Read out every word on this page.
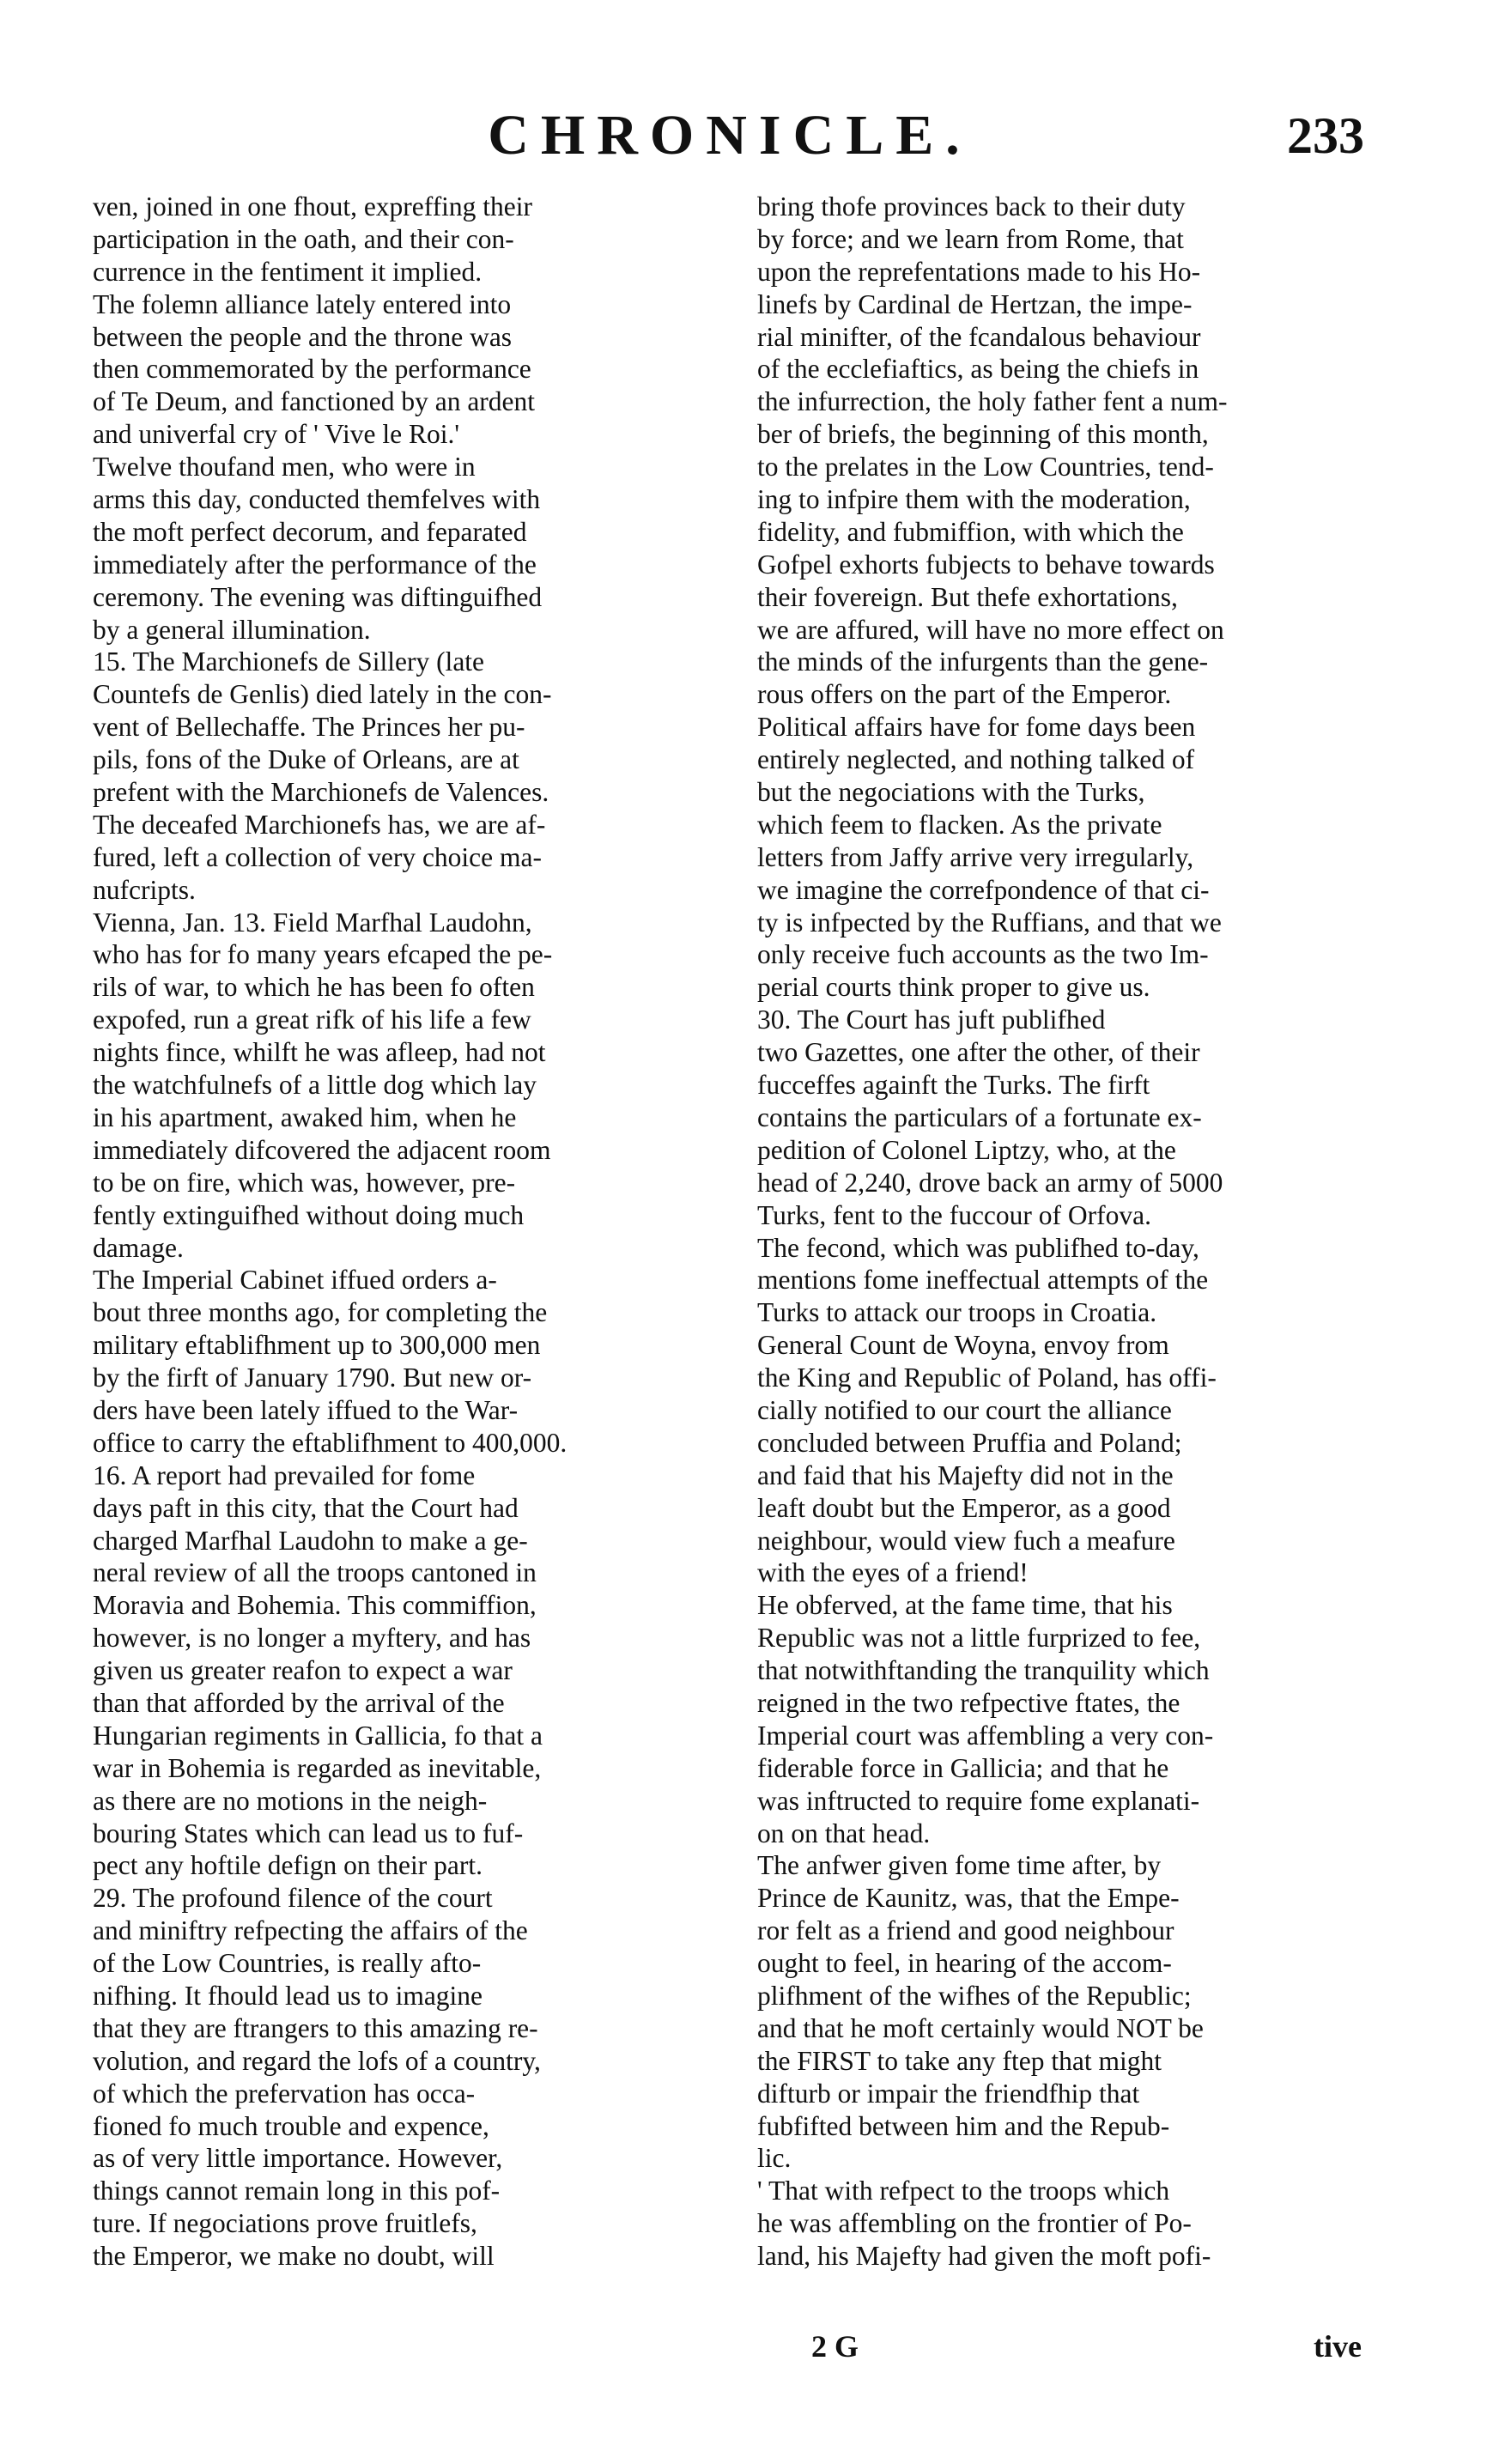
CHRONICLE.	233
ven, joined in one fhout, expreffing their
participation in the oath, and their con-
currence in the fentiment it implied.
The folemn alliance lately entered into
between the people and the throne was
then commemorated by the performance
of Te Deum, and fanctioned by an ardent
and univerfal cry of ' Vive le Roi.'
Twelve thoufand men, who were in
arms this day, conducted themfelves with
the moft perfect decorum, and feparated
immediately after the performance of the
ceremony. The evening was diftinguifhed
by a general illumination.
15. The Marchionefs de Sillery (late
Countefs de Genlis) died lately in the con-
vent of Bellechaffe. The Princes her pu-
pils, fons of the Duke of Orleans, are at
prefent with the Marchionefs de Valences.
The deceafed Marchionefs has, we are af-
fured, left a collection of very choice ma-
nufcripts.
Vienna, Jan. 13. Field Marfhal Laudohn,
who has for fo many years efcaped the pe-
rils of war, to which he has been fo often
expofed, run a great rifk of his life a few
nights fince, whilft he was afleep, had not
the watchfulnefs of a little dog which lay
in his apartment, awaked him, when he
immediately difcovered the adjacent room
to be on fire, which was, however, pre-
fently extinguifhed without doing much
damage.
The Imperial Cabinet iffued orders a-
bout three months ago, for completing the
military eftablifhment up to 300,000 men
by the firft of January 1790. But new or-
ders have been lately iffued to the War-
office to carry the eftablifhment to 400,000.
16. A report had prevailed for fome
days paft in this city, that the Court had
charged Marfhal Laudohn to make a ge-
neral review of all the troops cantoned in
Moravia and Bohemia. This commiffion,
however, is no longer a myftery, and has
given us greater reafon to expect a war
than that afforded by the arrival of the
Hungarian regiments in Gallicia, fo that a
war in Bohemia is regarded as inevitable,
as there are no motions in the neigh-
bouring States which can lead us to fuf-
pect any hoftile defign on their part.
29. The profound filence of the court
and miniftry refpecting the affairs of the
of the Low Countries, is really afto-
nifhing. It fhould lead us to imagine
that they are ftrangers to this amazing re-
volution, and regard the lofs of a country,
of which the prefervation has occa-
fioned fo much trouble and expence,
as of very little importance. However,
things cannot remain long in this pof-
ture. If negociations prove fruitlefs,
the Emperor, we make no doubt, will
bring thofe provinces back to their duty
by force; and we learn from Rome, that
upon the reprefentations made to his Ho-
linefs by Cardinal de Hertzan, the impe-
rial minifter, of the fcandalous behaviour
of the ecclefiaftics, as being the chiefs in
the infurrection, the holy father fent a num-
ber of briefs, the beginning of this month,
to the prelates in the Low Countries, tend-
ing to infpire them with the moderation,
fidelity, and fubmiffion, with which the
Gofpel exhorts fubjects to behave towards
their fovereign. But thefe exhortations,
we are affured, will have no more effect on
the minds of the infurgents than the gene-
rous offers on the part of the Emperor.
Political affairs have for fome days been
entirely neglected, and nothing talked of
but the negociations with the Turks,
which feem to flacken. As the private
letters from Jaffy arrive very irregularly,
we imagine the correfpondence of that ci-
ty is infpected by the Ruffians, and that we
only receive fuch accounts as the two Im-
perial courts think proper to give us.
30. The Court has juft publifhed
two Gazettes, one after the other, of their
fucceffes againft the Turks. The firft
contains the particulars of a fortunate ex-
pedition of Colonel Liptzy, who, at the
head of 2,240, drove back an army of 5000
Turks, fent to the fuccour of Orfova.
The fecond, which was publifhed to-day,
mentions fome ineffectual attempts of the
Turks to attack our troops in Croatia.
General Count de Woyna, envoy from
the King and Republic of Poland, has offi-
cially notified to our court the alliance
concluded between Pruffia and Poland;
and faid that his Majefty did not in the
leaft doubt but the Emperor, as a good
neighbour, would view fuch a meafure
with the eyes of a friend!
He obferved, at the fame time, that his
Republic was not a little furprized to fee,
that notwithftanding the tranquility which
reigned in the two refpective ftates, the
Imperial court was affembling a very con-
fiderable force in Gallicia; and that he
was inftructed to require fome explanati-
on on that head.
The anfwer given fome time after, by
Prince de Kaunitz, was, that the Empe-
ror felt as a friend and good neighbour
ought to feel, in hearing of the accom-
plifhment of the wifhes of the Republic;
and that he moft certainly would NOT be
the FIRST to take any ftep that might
difturb or impair the friendfhip that
fubfifted between him and the Repub-
lic.
' That with refpect to the troops which
he was affembling on the frontier of Po-
land, his Majefty had given the moft pofi-
2 G	tive
